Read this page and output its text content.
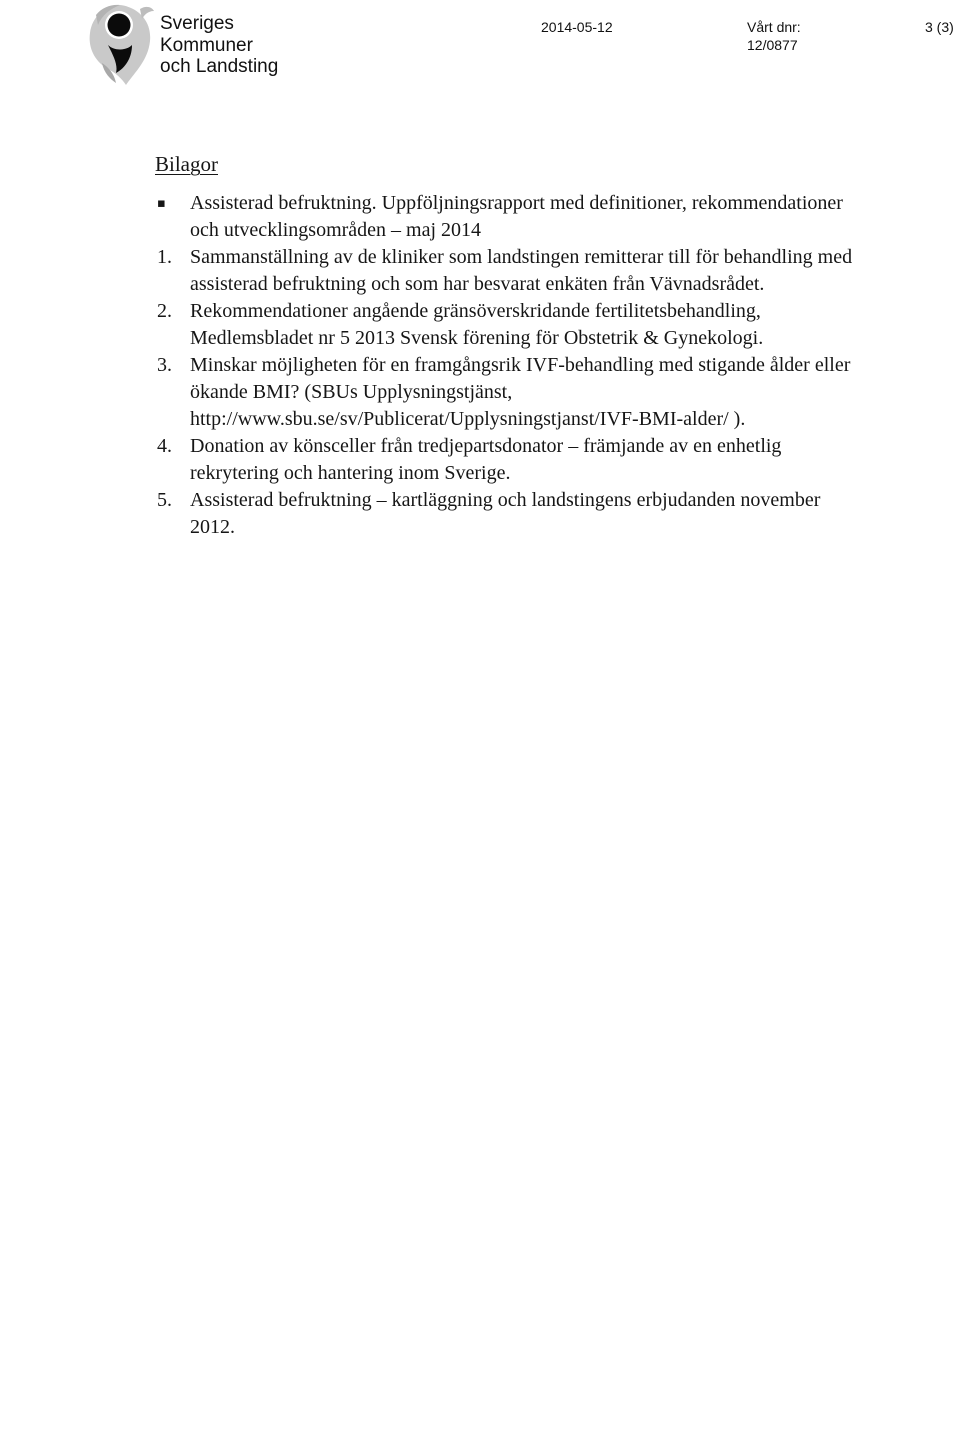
Sveriges
Kommuner
och Landsting
2014-05-12	Vårt dnr:
12/0877
3 (3)
Bilagor
▪	Assisterad befruktning. Uppföljningsrapport med definitioner, rekommendationer
och utvecklingsområden – maj 2014
1. Sammanställning av de kliniker som landstingen remitterar till för behandling med
assisterad befruktning och som har besvarat enkäten från Vävnadsrådet.
2. Rekommendationer angående gränsöverskridande fertilitetsbehandling,
Medlemsbladet nr 5 2013 Svensk förening för Obstetrik & Gynekologi.
3. Minskar möjligheten för en framgångsrik IVF-behandling med stigande ålder eller
ökande BMI? (SBUs Upplysningstjänst,
http://www.sbu.se/sv/Publicerat/Upplysningstjanst/IVF-BMI-alder/ ).
4. Donation av könsceller från tredjepartsdonator – främjande av en enhetlig
rekrytering och hantering inom Sverige.
5. Assisterad befruktning – kartläggning och landstingens erbjudanden november
2012.
